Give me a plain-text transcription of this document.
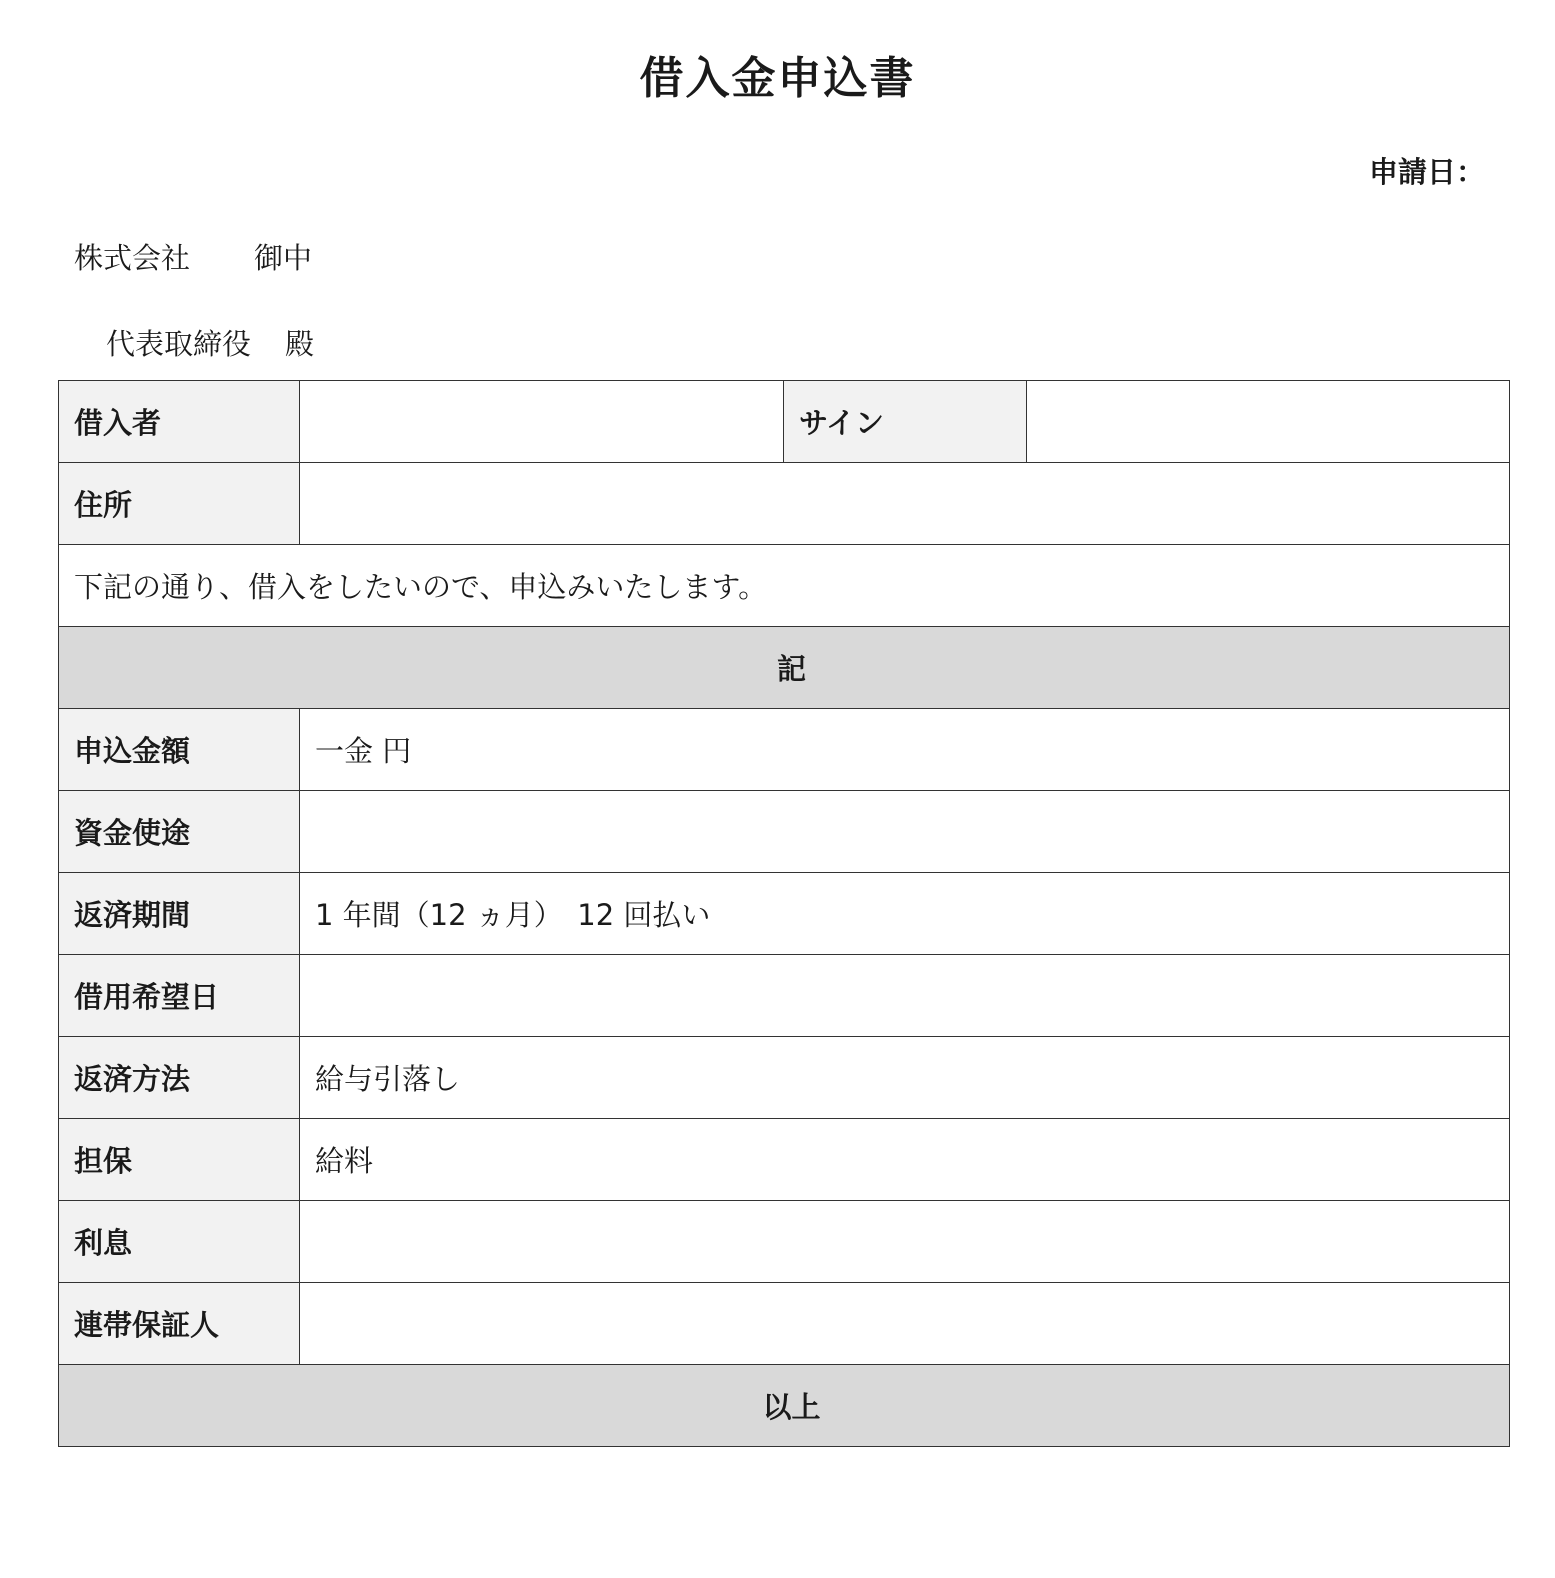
借入金申込書
申請日：
株式会社 御中
代表取締役 殿
借入者		サイン	
住所			
下記の通り、借入をしたいので、申込みいたします。			
記			
申込金額	一金 円		
資金使途			
返済期間	1 年間（12 ヵ月）　12 回払い		
借用希望日			
返済方法	給与引落し		
担保	給料		
利息			
連帯保証人			
以上			
